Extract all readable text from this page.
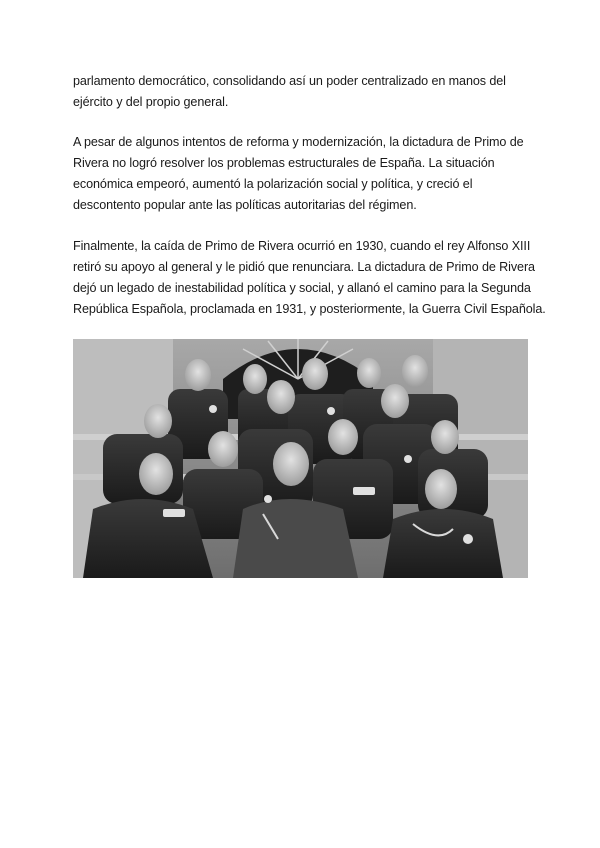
parlamento democrático, consolidando así un poder centralizado en manos del
ejército y del propio general.

A pesar de algunos intentos de reforma y modernización, la dictadura de Primo de
Rivera no logró resolver los problemas estructurales de España. La situación
económica empeoró, aumentó la polarización social y política, y creció el
descontento popular ante las políticas autoritarias del régimen.

Finalmente, la caída de Primo de Rivera ocurrió en 1930, cuando el rey Alfonso XIII
retiró su apoyo al general y le pidió que renunciara. La dictadura de Primo de Rivera
dejó un legado de inestabilidad política y social, y allanó el camino para la Segunda
República Española, proclamada en 1931, y posteriormente, la Guerra Civil Española.
